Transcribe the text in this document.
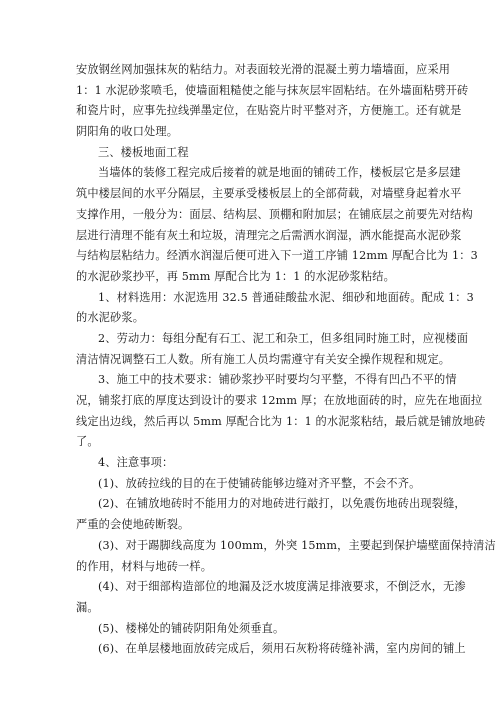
安放钢丝网加强抹灰的粘结力。对表面较光滑的混凝土剪力墙墙面，应采用
1：1 水泥砂浆喷毛，使墙面粗糙使之能与抹灰层牢固粘结。在外墙面粘劈开砖
和瓷片时，应事先拉线弹墨定位，在贴瓷片时平整对齐，方便施工。还有就是
阴阳角的收口处理。
三、楼板地面工程
当墙体的装修工程完成后接着的就是地面的铺砖工作，楼板层它是多层建
筑中楼层间的水平分隔层，主要承受楼板层上的全部荷载，对墙壁身起着水平
支撑作用，一般分为：面层、结构层、顶棚和附加层；在铺底层之前要先对结构
层进行清理不能有灰土和垃圾，清理完之后需洒水润湿，洒水能提高水泥砂浆
与结构层粘结力。经洒水润湿后便可进入下一道工序铺 12mm 厚配合比为 1：3
的水泥砂浆抄平，再 5mm 厚配合比为 1：1 的水泥砂浆粘结。
1、材料选用：水泥选用 32.5 普通硅酸盐水泥、细砂和地面砖。配成 1：3
的水泥砂浆。
2、劳动力：每组分配有石工、泥工和杂工，但多组同时施工时，应视楼面
清洁情况调整石工人数。所有施工人员均需遵守有关安全操作规程和规定。
3、施工中的技术要求：铺砂浆抄平时要均匀平整，不得有凹凸不平的情
况，铺浆打底的厚度达到设计的要求 12mm 厚；在放地面砖的时，应先在地面拉
线定出边线，然后再以 5mm 厚配合比为 1：1 的水泥浆粘结，最后就是铺放地砖
了。
4、注意事项：
(1)、放砖拉线的目的在于使铺砖能够边缝对齐平整，不会不齐。
(2)、在铺放地砖时不能用力的对地砖进行敲打，以免震伤地砖出现裂缝，
严重的会使地砖断裂。
(3)、对于踢脚线高度为 100mm，外突 15mm，主要起到保护墙壁面保持清洁
的作用，材料与地砖一样。
(4)、对于细部构造部位的地漏及泛水坡度满足排液要求，不倒泛水，无渗
漏。
(5)、楼梯处的铺砖阴阳角处须垂直。
(6)、在单层楼地面放砖完成后，须用石灰粉将砖缝补满，室内房间的铺上
